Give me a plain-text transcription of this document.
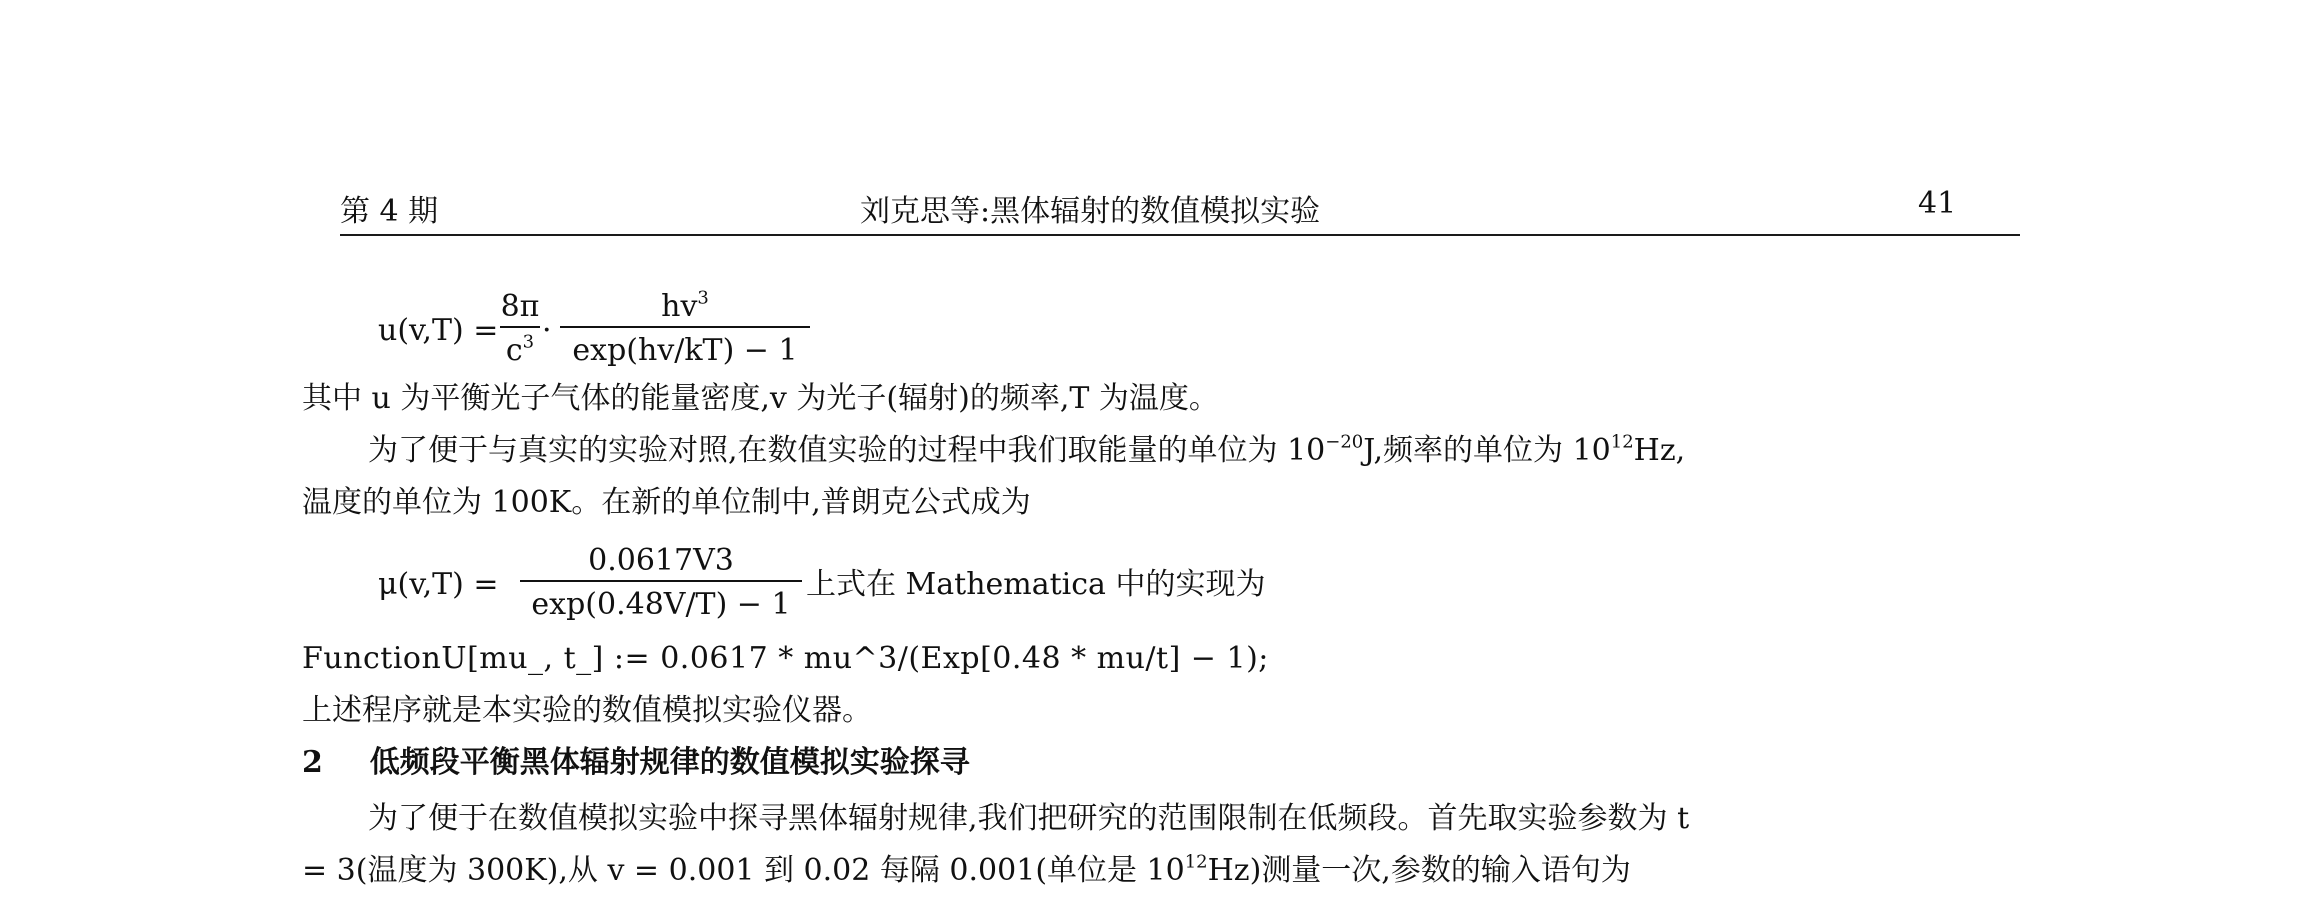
第 4 期	刘克思等:黑体辐射的数值模拟实验	41
u(v,T) =
8π
$c^3$ ·
$hv^3$
exp(hv/kT) − 1
其中 u 为平衡光子气体的能量密度,v 为光子(辐射)的频率,T 为温度。
为了便于与真实的实验对照,在数值实验的过程中我们取能量的单位为 $10^{-20}J$,频率的单位为 $10^{12}Hz$,
温度的单位为 100K。在新的单位制中,普朗克公式成为
μ(v,T) =
0.0617V3
exp(0.48V/T) − 1
上式在 Mathematica 中的实现为
FunctionU[mu_, t_] := 0.0617 * mu^3/(Exp[0.48 * mu/t] − 1);
上述程序就是本实验的数值模拟实验仪器。
2 低频段平衡黑体辐射规律的数值模拟实验探寻
为了便于在数值模拟实验中探寻黑体辐射规律,我们把研究的范围限制在低频段。首先取实验参数为 t
= 3(温度为 300K),从 v = 0.001 到 0.02 每隔 0.001(单位是 $10^{12}Hz$)测量一次,参数的输入语句为
